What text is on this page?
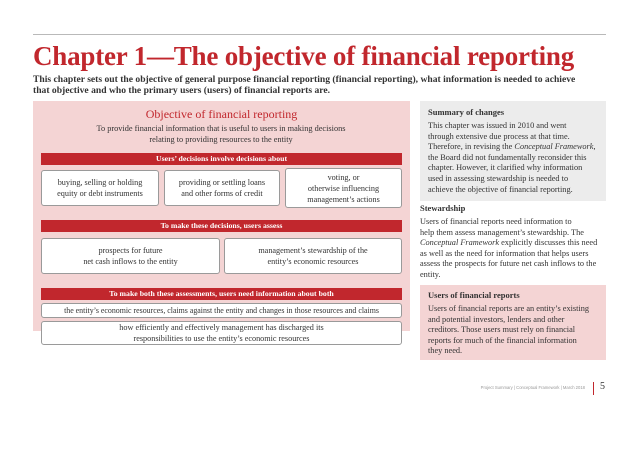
Chapter 1—The objective of financial reporting

This chapter sets out the objective of general purpose financial reporting (financial reporting), what information is needed to achieve that objective and who the primary users (users) of financial reports are.

Objective of financial reporting
To provide financial information that is useful to users in making decisions
relating to providing resources to the entity
Users’ decisions involve decisions about
buying, selling or holding
equity or debt instruments
providing or settling loans
and other forms of credit
voting, or
otherwise influencing
management’s actions
To make these decisions, users assess
prospects for future
net cash inflows to the entity
management’s stewardship of the
entity’s economic resources
To make both these assessments, users need information about both
the entity’s economic resources, claims against the entity and changes in those resources and claims
how efficiently and effectively management has discharged its
responsibilities to use the entity’s economic resources
Summary of changes
This chapter was issued in 2010 and went
through extensive due process at that time.
Therefore, in revising the Conceptual Framework,
the Board did not fundamentally reconsider this
chapter. However, it clarified why information
used in assessing stewardship is needed to
achieve the objective of financial reporting.
Stewardship
Users of financial reports need information to
help them assess management’s stewardship. The
Conceptual Framework explicitly discusses this need
as well as the need for information that helps users
assess the prospects for future net cash inflows to the
entity.
Users of financial reports
Users of financial reports are an entity’s existing
and potential investors, lenders and other
creditors. Those users must rely on financial
reports for much of the financial information
they need.
Project Summary | Conceptual Framework | March 2018 5
